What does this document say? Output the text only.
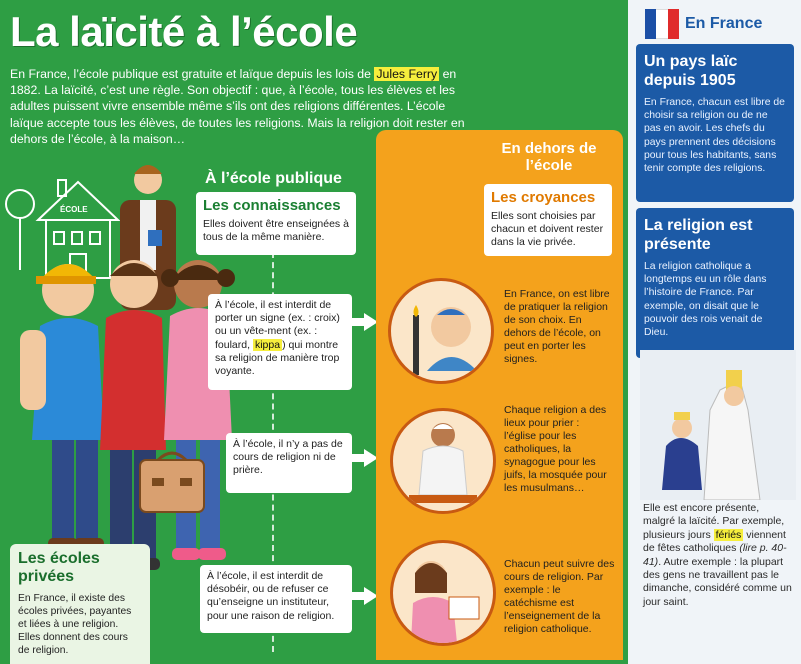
La laïcité à l’école
En France, l’école publique est gratuite et laïque depuis les lois de Jules Ferry en 1882. La laïcité, c’est une règle. Son objectif : que, à l’école, tous les élèves et les adultes puissent vivre ensemble même s’ils ont des religions différentes. L’école laïque accepte tous les élèves, de toutes les religions. Mais la religion doit rester en dehors de l’école, à la maison…
ÉCOLE
À l’école publique
Les connaissances
Elles doivent être enseignées à tous de la même manière.
À l’école, il est interdit de porter un signe (ex. : croix) ou un vête-ment (ex. : foulard, kippa ) qui montre sa religion de manière trop voyante.
À l’école, il n’y a pas de cours de religion ni de prière.
À l’école, il est interdit de désobéir, ou de refuser ce qu’enseigne un instituteur, pour une raison de religion.
Les écoles privées
En France, il existe des écoles privées, payantes et liées à une religion. Elles donnent des cours de religion.
En dehors de l’école
Les croyances
Elles sont choisies par chacun et doivent rester dans la vie privée.
En France, on est libre de pratiquer la religion de son choix. En dehors de l’école, on peut en porter les signes.
Chaque religion a des lieux pour prier : l’église pour les catholiques, la synagogue pour les juifs, la mosquée pour les musulmans…
Chacun peut suivre des cours de religion. Par exemple : le catéchisme est l’enseignement de la religion catholique.
En France
Un pays laïc depuis 1905
En France, chacun est libre de choisir sa religion ou de ne pas en avoir. Les chefs du pays prennent des décisions pour tous les habitants, sans tenir compte des religions.
La religion est présente
La religion catholique a longtemps eu un rôle dans l’histoire de France. Par exemple, on disait que le pouvoir des rois venait de Dieu.
Elle est encore présente, malgré la laïcité. Par exemple, plusieurs jours fériés viennent de fêtes catholiques (lire p. 40-41). Autre exemple : la plupart des gens ne travaillent pas le dimanche, considéré comme un jour saint.
